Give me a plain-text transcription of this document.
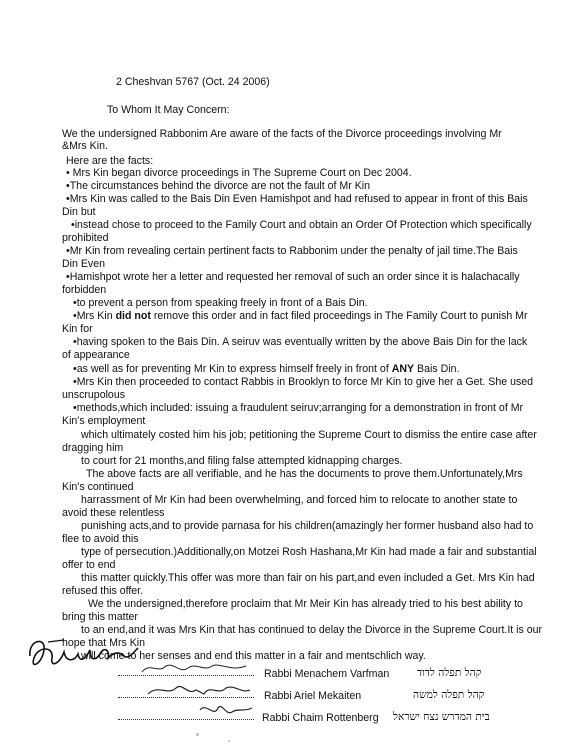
2 Cheshvan 5767 (Oct. 24 2006)
To Whom It May Concern:
We the undersigned Rabbonim Are aware of the facts of the Divorce proceedings involving Mr
&Mrs Kin.
Here are the facts:
• Mrs Kin began divorce proceedings in The Supreme Court on Dec 2004.
•The circumstances behind the divorce are not the fault of Mr Kin
•Mrs Kin was called to the Bais Din Even Hamishpot and had refused to appear in front of this Bais
Din but
•instead chose to proceed to the Family Court and obtain an Order Of Protection which specifically
prohibited
•Mr Kin from revealing certain pertinent facts to Rabbonim under the penalty of jail time.The Bais
Din Even
•Hamishpot wrote her a letter and requested her removal of such an order since it is halachacally
forbidden
•to prevent a person from speaking freely in front of a Bais Din.
•Mrs Kin did not remove this order and in fact filed proceedings in The Family Court to punish Mr
Kin for
•having spoken to the Bais Din. A seiruv was eventually written by the above Bais Din for the lack
of appearance
•as well as for preventing Mr Kin to express himself freely in front of ANY Bais Din.
•Mrs Kin then proceeded to contact Rabbis in Brooklyn to force Mr Kin to give her a Get. She used
unscrupolous
•methods,which included: issuing a fraudulent seiruv;arranging for a demonstration in front of Mr
Kin's employment
which ultimately costed him his job; petitioning the Supreme Court to dismiss the entire case after
dragging him
to court for 21 months,and filing false attempted kidnapping charges.
The above facts are all verifiable, and he has the documents to prove them.Unfortunately,Mrs
Kin's continued
harrassment of Mr Kin had been overwhelming, and forced him to relocate to another state to
avoid these relentless
punishing acts,and to provide parnasa for his children(amazingly her former husband also had to
flee to avoid this
type of persecution.)Additionally,on Motzei Rosh Hashana,Mr Kin had made a fair and substantial
offer to end
this matter quickly.This offer was more than fair on his part,and even included a Get. Mrs Kin had
refused this offer.
We the undersigned,therefore proclaim that Mr Meir Kin has already tried to his best ability to
bring this matter
to an end,and it was Mrs Kin that has continued to delay the Divorce in the Supreme Court.It is our
hope that Mrs Kin
will come to her senses and end this matter in a fair and mentschlich way.
Rabbi Menachem Varfman	קהל תפלה לדוד
Rabbi Ariel Mekaiten	קהל תפלה למשה
Rabbi Chaim Rottenberg בית המדרש נצח ישראל
